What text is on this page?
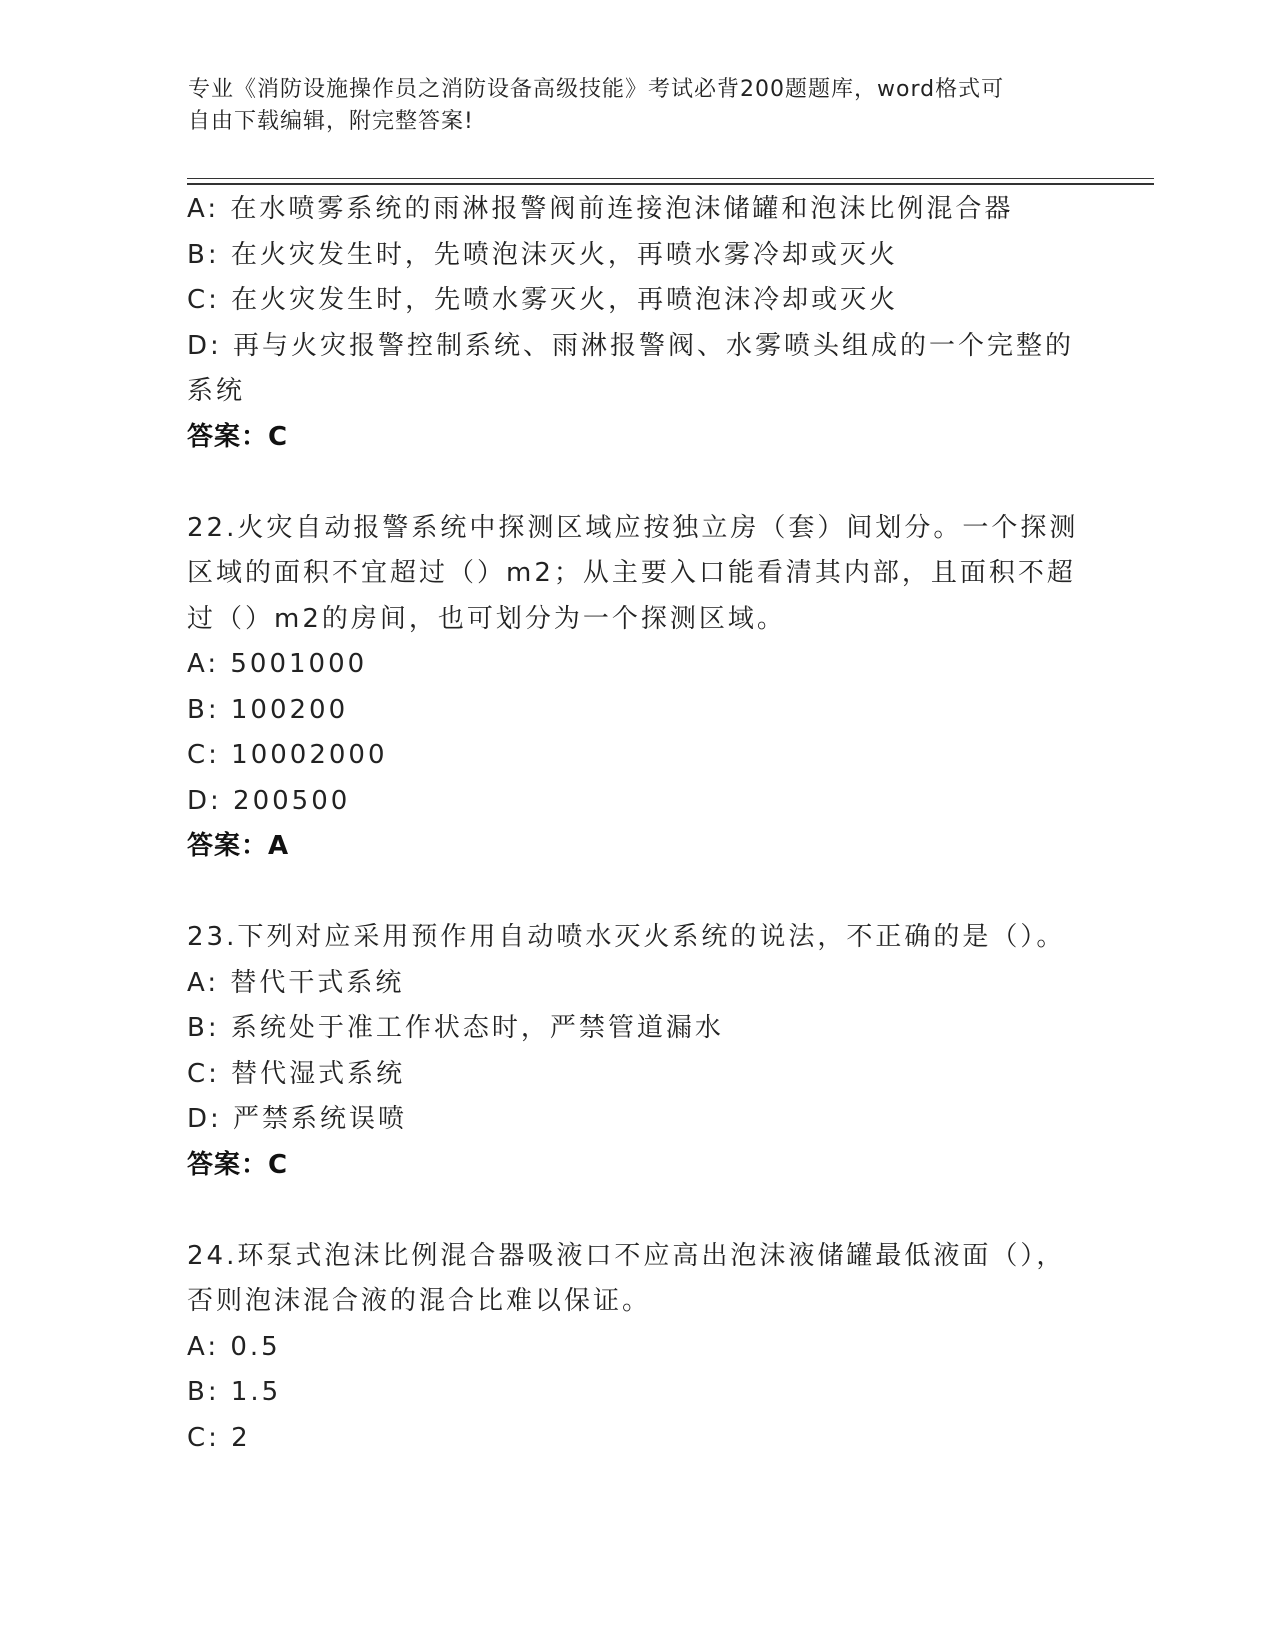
专业《消防设施操作员之消防设备高级技能》考试必背200题题库，word格式可
自由下载编辑，附完整答案!
A: 在水喷雾系统的雨淋报警阀前连接泡沫储罐和泡沫比例混合器
B: 在火灾发生时，先喷泡沫灭火，再喷水雾冷却或灭火
C: 在火灾发生时，先喷水雾灭火，再喷泡沫冷却或灭火
D: 再与火灾报警控制系统、雨淋报警阀、水雾喷头组成的一个完整的
系统
答案：C
22.火灾自动报警系统中探测区域应按独立房（套）间划分。一个探测
区域的面积不宜超过（）m2；从主要入口能看清其内部，且面积不超
过（）m2的房间，也可划分为一个探测区域。
A: 5001000
B: 100200
C: 10002000
D: 200500
答案：A
23.下列对应采用预作用自动喷水灭火系统的说法，不正确的是（）。
A: 替代干式系统
B: 系统处于准工作状态时，严禁管道漏水
C: 替代湿式系统
D: 严禁系统误喷
答案：C
24.环泵式泡沫比例混合器吸液口不应高出泡沫液储罐最低液面（），
否则泡沫混合液的混合比难以保证。
A: 0.5
B: 1.5
C: 2
